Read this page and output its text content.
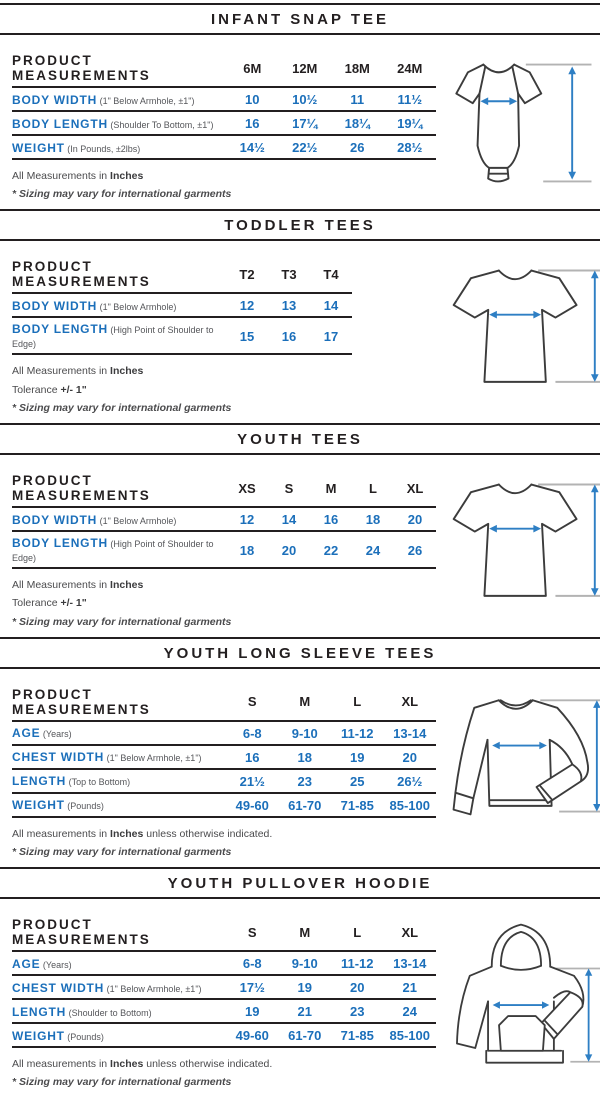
INFANT SNAP TEE
PRODUCT MEASUREMENTS	6M	12M	18M	24M
BODY WIDTH (1" Below Armhole, ±1")	10	10½	11	11½
BODY LENGTH (Shoulder To Bottom, ±1")	16	17¼	18¼	19¼
WEIGHT (In Pounds, ±2lbs)	14½	22½	26	28½

All Measurements in Inches

* Sizing may vary for international garments

TODDLER TEES
PRODUCT MEASUREMENTS	T2	T3	T4
BODY WIDTH (1" Below Armhole)	12	13	14
BODY LENGTH (High Point of Shoulder to Edge)	15	16	17

All Measurements in Inches

Tolerance +/- 1"

* Sizing may vary for international garments

YOUTH TEES
PRODUCT MEASUREMENTS	XS	S	M	L	XL
BODY WIDTH (1" Below Armhole)	12	14	16	18	20
BODY LENGTH (High Point of Shoulder to Edge)	18	20	22	24	26

All Measurements in Inches

Tolerance +/- 1"

* Sizing may vary for international garments

YOUTH LONG SLEEVE TEES
PRODUCT MEASUREMENTS	S	M	L	XL
AGE (Years)	6-8	9-10	11-12	13-14
CHEST WIDTH (1" Below Armhole, ±1")	16	18	19	20
LENGTH (Top to Bottom)	21½	23	25	26½
WEIGHT (Pounds)	49-60	61-70	71-85	85-100

All measurements in Inches unless otherwise indicated.

* Sizing may vary for international garments

YOUTH PULLOVER HOODIE
PRODUCT MEASUREMENTS	S	M	L	XL
AGE (Years)	6-8	9-10	11-12	13-14
CHEST WIDTH (1" Below Armhole, ±1")	17½	19	20	21
LENGTH (Shoulder to Bottom)	19	21	23	24
WEIGHT (Pounds)	49-60	61-70	71-85	85-100

All measurements in Inches unless otherwise indicated.

* Sizing may vary for international garments
